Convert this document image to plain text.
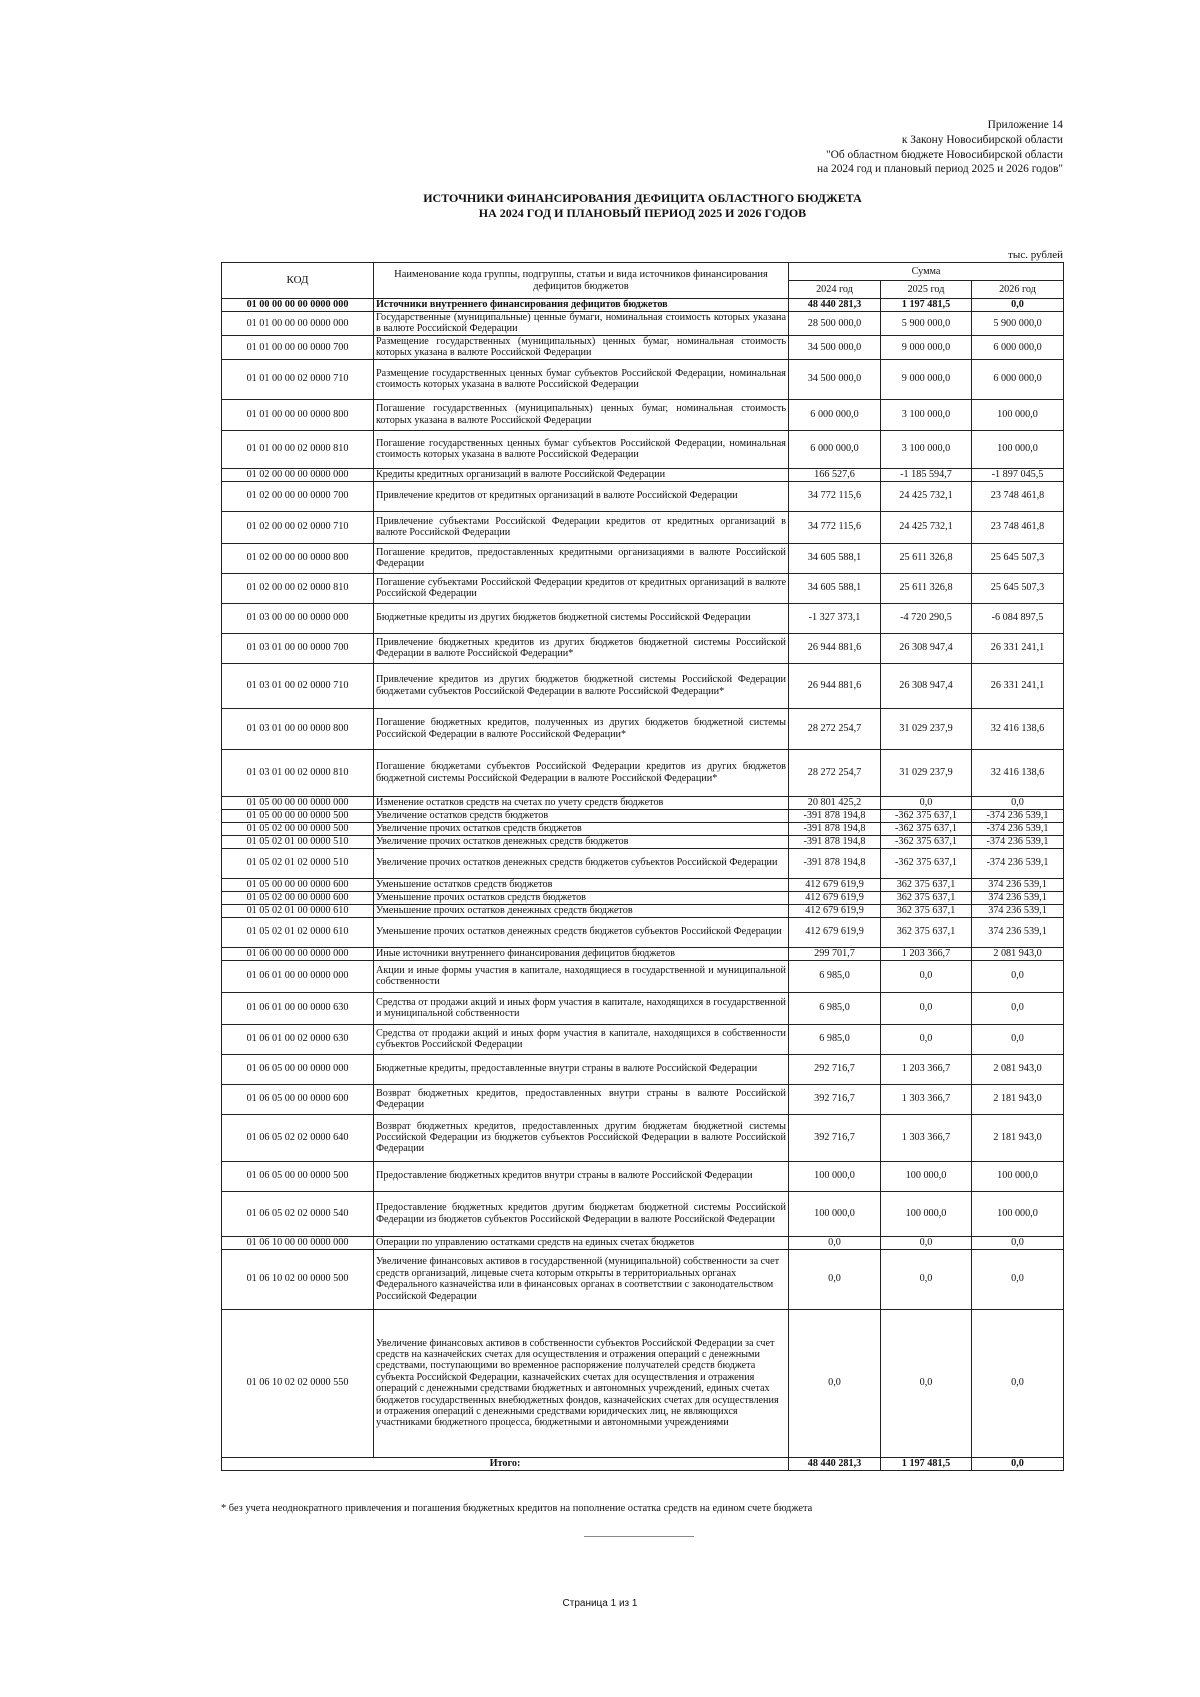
Приложение 14
к Закону Новосибирской области
"Об областном бюджете Новосибирской области
на 2024 год и плановый период 2025 и 2026 годов"
ИСТОЧНИКИ ФИНАНСИРОВАНИЯ ДЕФИЦИТА ОБЛАСТНОГО БЮДЖЕТА
НА 2024 ГОД И ПЛАНОВЫЙ ПЕРИОД 2025 И 2026 ГОДОВ
тыс. рублей
КОД	Наименование кода группы, подгруппы, статьи и вида источников финансирования дефицитов бюджетов	Сумма		
		2024 год	2025 год	2026 год
01 00 00 00 00 0000 000	Источники внутреннего финансирования дефицитов бюджетов	48 440 281,3	1 197 481,5	0,0
01 01 00 00 00 0000 000	Государственные (муниципальные) ценные бумаги, номинальная стоимость которых указана в валюте Российской Федерации	28 500 000,0	5 900 000,0	5 900 000,0
01 01 00 00 00 0000 700	Размещение государственных (муниципальных) ценных бумаг, номинальная стоимость которых указана в валюте Российской Федерации	34 500 000,0	9 000 000,0	6 000 000,0
01 01 00 00 02 0000 710	Размещение государственных ценных бумаг субъектов Российской Федерации, номинальная стоимость которых указана в валюте Российской Федерации	34 500 000,0	9 000 000,0	6 000 000,0
01 01 00 00 00 0000 800	Погашение государственных (муниципальных) ценных бумаг, номинальная стоимость которых указана в валюте Российской Федерации	6 000 000,0	3 100 000,0	100 000,0
01 01 00 00 02 0000 810	Погашение государственных ценных бумаг субъектов Российской Федерации, номинальная стоимость которых указана в валюте Российской Федерации	6 000 000,0	3 100 000,0	100 000,0
01 02 00 00 00 0000 000	Кредиты кредитных организаций в валюте Российской Федерации	166 527,6	-1 185 594,7	-1 897 045,5
01 02 00 00 00 0000 700	Привлечение кредитов от кредитных организаций в валюте Российской Федерации	34 772 115,6	24 425 732,1	23 748 461,8
01 02 00 00 02 0000 710	Привлечение субъектами Российской Федерации кредитов от кредитных организаций в валюте Российской Федерации	34 772 115,6	24 425 732,1	23 748 461,8
01 02 00 00 00 0000 800	Погашение кредитов, предоставленных кредитными организациями в валюте Российской Федерации	34 605 588,1	25 611 326,8	25 645 507,3
01 02 00 00 02 0000 810	Погашение субъектами Российской Федерации кредитов от кредитных организаций в валюте Российской Федерации	34 605 588,1	25 611 326,8	25 645 507,3
01 03 00 00 00 0000 000	Бюджетные кредиты из других бюджетов бюджетной системы Российской Федерации	-1 327 373,1	-4 720 290,5	-6 084 897,5
01 03 01 00 00 0000 700	Привлечение бюджетных кредитов из других бюджетов бюджетной системы Российской Федерации в валюте Российской Федерации*	26 944 881,6	26 308 947,4	26 331 241,1
01 03 01 00 02 0000 710	Привлечение кредитов из других бюджетов бюджетной системы Российской Федерации бюджетами субъектов Российской Федерации в валюте Российской Федерации*	26 944 881,6	26 308 947,4	26 331 241,1
01 03 01 00 00 0000 800	Погашение бюджетных кредитов, полученных из других бюджетов бюджетной системы Российской Федерации в валюте Российской Федерации*	28 272 254,7	31 029 237,9	32 416 138,6
01 03 01 00 02 0000 810	Погашение бюджетами субъектов Российской Федерации кредитов из других бюджетов бюджетной системы Российской Федерации в валюте Российской Федерации*	28 272 254,7	31 029 237,9	32 416 138,6
01 05 00 00 00 0000 000	Изменение остатков средств на счетах по учету средств бюджетов	20 801 425,2	0,0	0,0
01 05 00 00 00 0000 500	Увеличение остатков средств бюджетов	-391 878 194,8	-362 375 637,1	-374 236 539,1
01 05 02 00 00 0000 500	Увеличение прочих остатков средств бюджетов	-391 878 194,8	-362 375 637,1	-374 236 539,1
01 05 02 01 00 0000 510	Увеличение прочих остатков денежных средств бюджетов	-391 878 194,8	-362 375 637,1	-374 236 539,1
01 05 02 01 02 0000 510	Увеличение прочих остатков денежных средств бюджетов субъектов Российской Федерации	-391 878 194,8	-362 375 637,1	-374 236 539,1
01 05 00 00 00 0000 600	Уменьшение остатков средств бюджетов	412 679 619,9	362 375 637,1	374 236 539,1
01 05 02 00 00 0000 600	Уменьшение прочих остатков средств бюджетов	412 679 619,9	362 375 637,1	374 236 539,1
01 05 02 01 00 0000 610	Уменьшение прочих остатков денежных средств бюджетов	412 679 619,9	362 375 637,1	374 236 539,1
01 05 02 01 02 0000 610	Уменьшение прочих остатков денежных средств бюджетов субъектов Российской Федерации	412 679 619,9	362 375 637,1	374 236 539,1
01 06 00 00 00 0000 000	Иные источники внутреннего финансирования дефицитов бюджетов	299 701,7	1 203 366,7	2 081 943,0
01 06 01 00 00 0000 000	Акции и иные формы участия в капитале, находящиеся в государственной и муниципальной собственности	6 985,0	0,0	0,0
01 06 01 00 00 0000 630	Средства от продажи акций и иных форм участия в капитале, находящихся в государственной и муниципальной собственности	6 985,0	0,0	0,0
01 06 01 00 02 0000 630	Средства от продажи акций и иных форм участия в капитале, находящихся в собственности субъектов Российской Федерации	6 985,0	0,0	0,0
01 06 05 00 00 0000 000	Бюджетные кредиты, предоставленные внутри страны в валюте Российской Федерации	292 716,7	1 203 366,7	2 081 943,0
01 06 05 00 00 0000 600	Возврат бюджетных кредитов, предоставленных внутри страны в валюте Российской Федерации	392 716,7	1 303 366,7	2 181 943,0
01 06 05 02 02 0000 640	Возврат бюджетных кредитов, предоставленных другим бюджетам бюджетной системы Российской Федерации из бюджетов субъектов Российской Федерации в валюте Российской Федерации	392 716,7	1 303 366,7	2 181 943,0
01 06 05 00 00 0000 500	Предоставление бюджетных кредитов внутри страны в валюте Российской Федерации	100 000,0	100 000,0	100 000,0
01 06 05 02 02 0000 540	Предоставление бюджетных кредитов другим бюджетам бюджетной системы Российской Федерации из бюджетов субъектов Российской Федерации в валюте Российской Федерации	100 000,0	100 000,0	100 000,0
01 06 10 00 00 0000 000	Операции по управлению остатками средств на единых счетах бюджетов	0,0	0,0	0,0
01 06 10 02 00 0000 500	Увеличение финансовых активов в государственной (муниципальной) собственности за счет средств организаций, лицевые счета которым открыты в территориальных органах Федерального казначейства или в финансовых органах в соответствии с законодательством Российской Федерации	0,0	0,0	0,0
01 06 10 02 02 0000 550	Увеличение финансовых активов в собственности субъектов Российской Федерации за счет средств на казначейских счетах для осуществления и отражения операций с денежными средствами, поступающими во временное распоряжение получателей средств бюджета субъекта Российской Федерации, казначейских счетах для осуществления и отражения операций с денежными средствами бюджетных и автономных учреждений, единых счетах бюджетов государственных внебюджетных фондов, казначейских счетах для осуществления и отражения операций с денежными средствами юридических лиц, не являющихся участниками бюджетного процесса, бюджетными и автономными учреждениями	0,0	0,0	0,0
Итого:		48 440 281,3	1 197 481,5	0,0
* без учета неоднократного привлечения и погашения бюджетных кредитов на пополнение остатка средств на едином счете бюджета
Страница 1 из 1
